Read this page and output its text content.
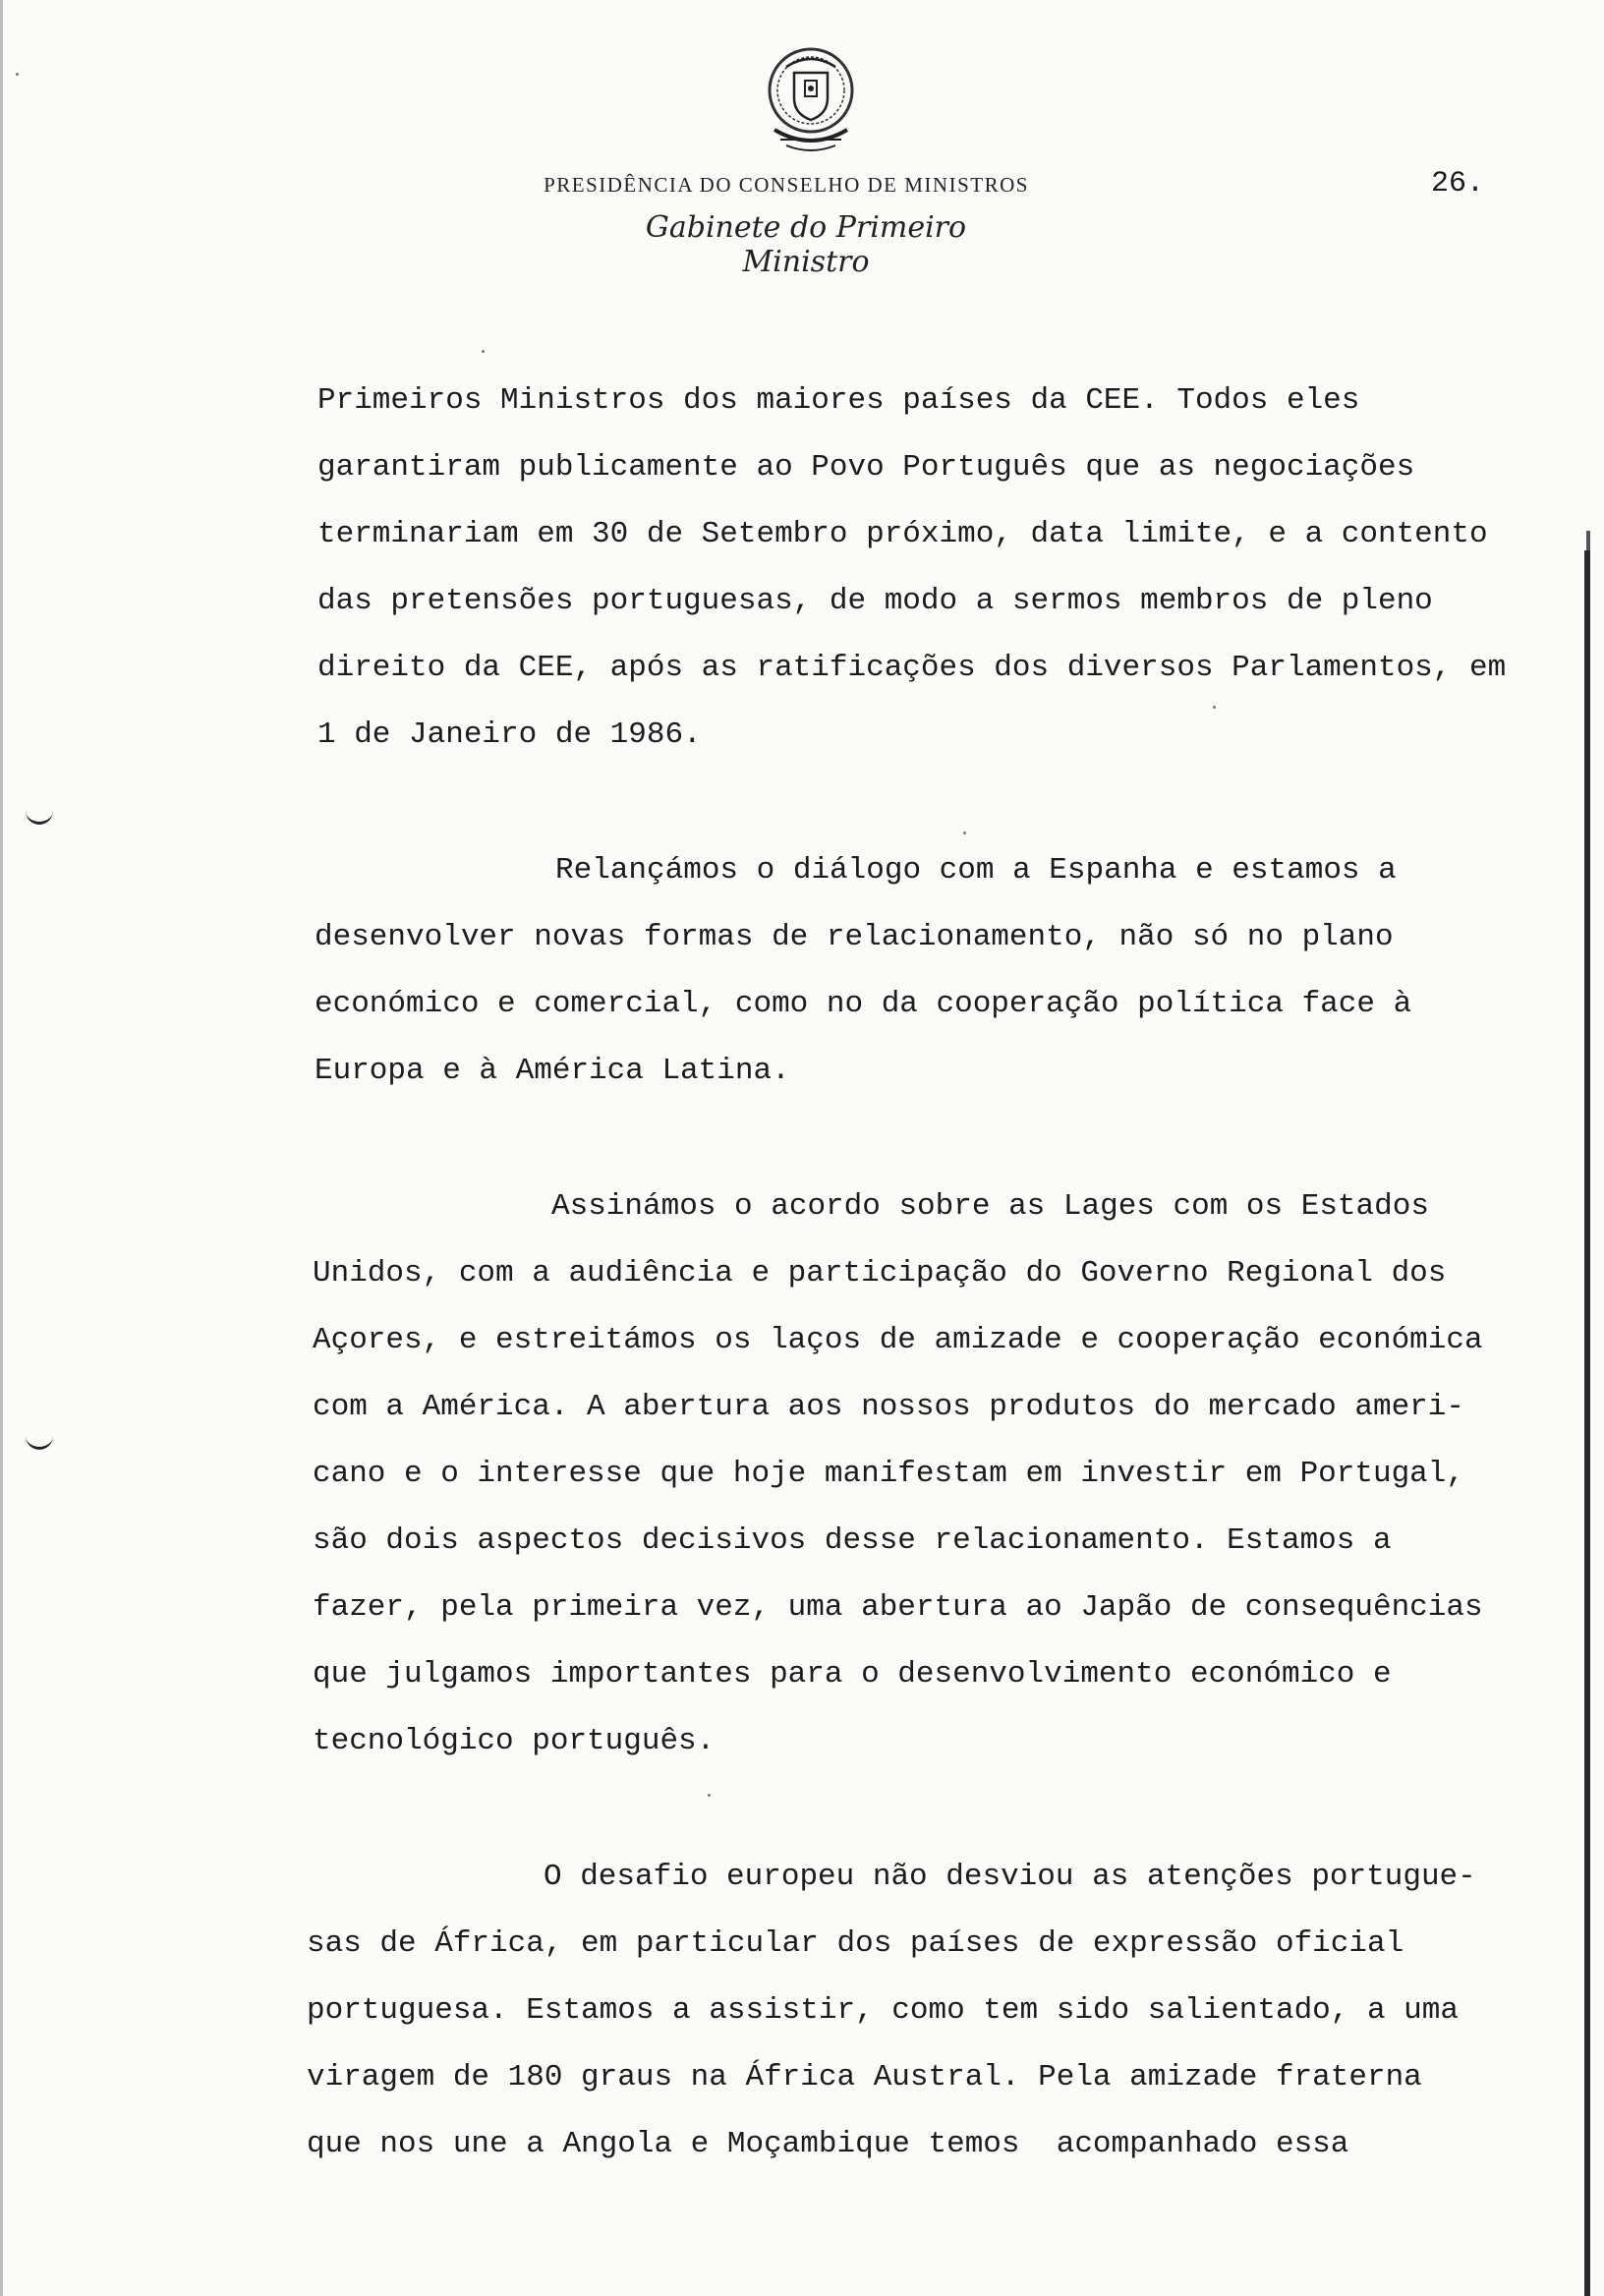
PRESIDÊNCIA DO CONSELHO DE MINISTROS
Gabinete do Primeiro Ministro
26.
Primeiros Ministros dos maiores países da CEE. Todos eles
garantiram publicamente ao Povo Português que as negociações
terminariam em 30 de Setembro próximo, data limite, e a contento
das pretensões portuguesas, de modo a sermos membros de pleno
direito da CEE, após as ratificações dos diversos Parlamentos, em
1 de Janeiro de 1986.
Relançámos o diálogo com a Espanha e estamos a
desenvolver novas formas de relacionamento, não só no plano
económico e comercial, como no da cooperação política face à
Europa e à América Latina.
Assinámos o acordo sobre as Lages com os Estados
Unidos, com a audiência e participação do Governo Regional dos
Açores, e estreitámos os laços de amizade e cooperação económica
com a América. A abertura aos nossos produtos do mercado ameri-
cano e o interesse que hoje manifestam em investir em Portugal,
são dois aspectos decisivos desse relacionamento. Estamos a
fazer, pela primeira vez, uma abertura ao Japão de consequências
que julgamos importantes para o desenvolvimento económico e
tecnológico português.
O desafio europeu não desviou as atenções portugue-
sas de África, em particular dos países de expressão oficial
portuguesa. Estamos a assistir, como tem sido salientado, a uma
viragem de 180 graus na África Austral. Pela amizade fraterna
que nos une a Angola e Moçambique temos  acompanhado essa
